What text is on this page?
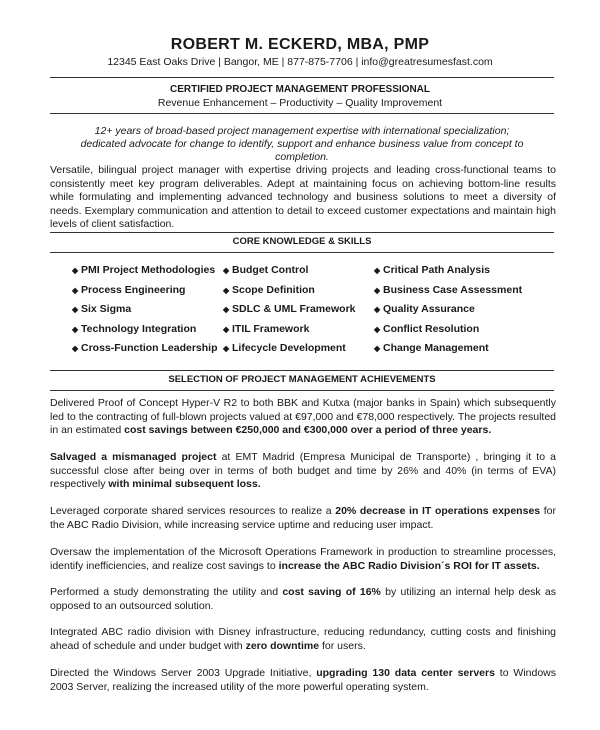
ROBERT M. ECKERD, MBA, PMP
12345 East Oaks Drive | Bangor, ME | 877-875-7706 | info@greatresumesfast.com
CERTIFIED PROJECT MANAGEMENT PROFESSIONAL
Revenue Enhancement – Productivity – Quality Improvement
12+ years of broad-based project management expertise with international specialization;
dedicated advocate for change to identify, support and enhance business value from concept to completion.
Versatile, bilingual project manager with expertise driving projects and leading cross-functional teams to consistently meet key program deliverables. Adept at maintaining focus on achieving bottom-line results while formulating and implementing advanced technology and business solutions to meet a diversity of needs. Exemplary communication and attention to detail to exceed customer expectations and maintain high levels of client satisfaction.
CORE KNOWLEDGE & SKILLS
◆ PMI Project Methodologies
◆ Process Engineering
◆ Six Sigma
◆ Technology Integration
◆ Cross-Function Leadership
◆ Budget Control
◆ Scope Definition
◆ SDLC & UML Framework
◆ ITIL Framework
◆ Lifecycle Development
◆ Critical Path Analysis
◆ Business Case Assessment
◆ Quality Assurance
◆ Conflict Resolution
◆ Change Management
SELECTION OF PROJECT MANAGEMENT ACHIEVEMENTS
Delivered Proof of Concept Hyper-V R2 to both BBK and Kutxa (major banks in Spain) which subsequently led to the contracting of full-blown projects valued at €97,000 and €78,000 respectively. The projects resulted in an estimated cost savings between €250,000 and €300,000 over a period of three years.
Salvaged a mismanaged project at EMT Madrid (Empresa Municipal de Transporte) , bringing it to a successful close after being over in terms of both budget and time by 26% and 40% (in terms of EVA) respectively with minimal subsequent loss.
Leveraged corporate shared services resources to realize a 20% decrease in IT operations expenses for the ABC Radio Division, while increasing service uptime and reducing user impact.
Oversaw the implementation of the Microsoft Operations Framework in production to streamline processes, identify inefficiencies, and realize cost savings to increase the ABC Radio Division´s ROI for IT assets.
Performed a study demonstrating the utility and cost saving of 16% by utilizing an internal help desk as opposed to an outsourced solution.
Integrated ABC radio division with Disney infrastructure, reducing redundancy, cutting costs and finishing ahead of schedule and under budget with zero downtime for users.
Directed the Windows Server 2003 Upgrade Initiative, upgrading 130 data center servers to Windows 2003 Server, realizing the increased utility of the more powerful operating system.
